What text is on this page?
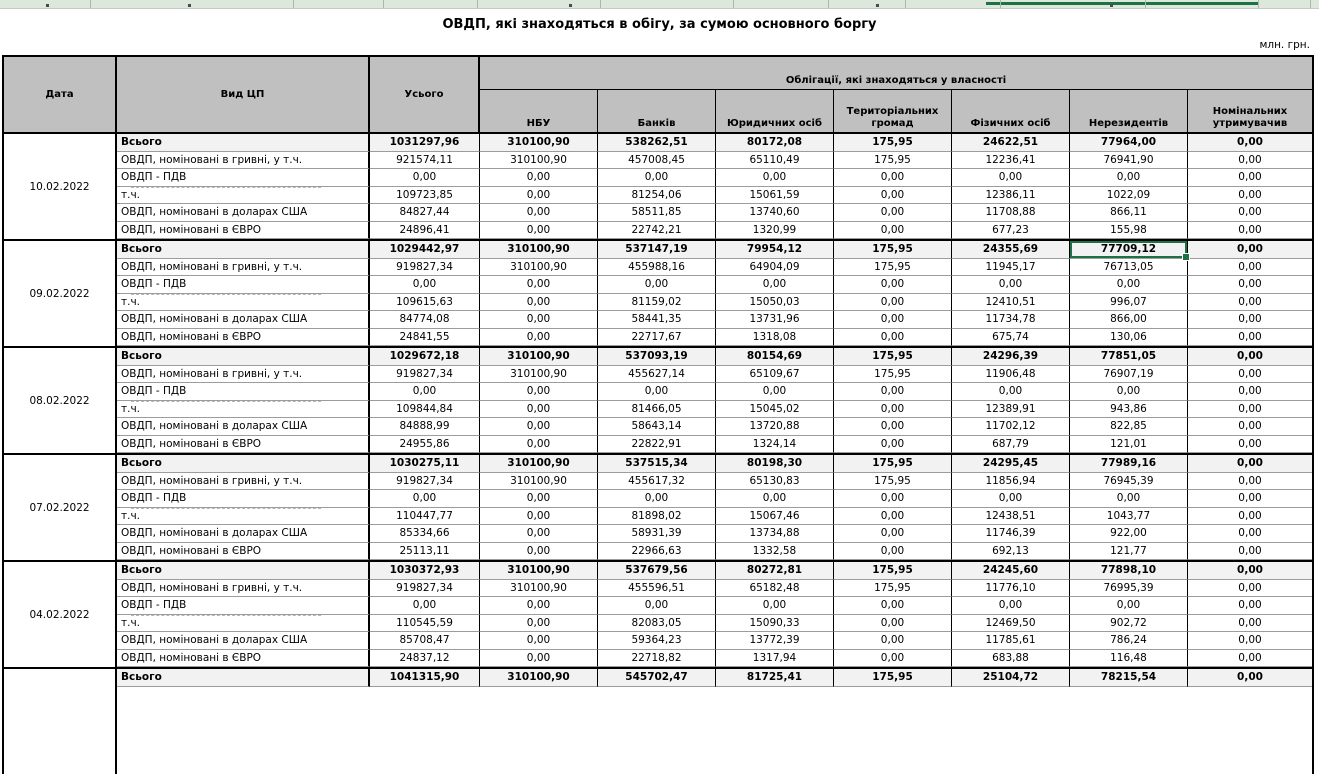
ОВДП, які знаходяться в обігу, за сумою основного боргу
млн. грн.
Дата	Вид ЦП	Усього
Облігації, які знаходяться у власності
НБУ	Банків	Юридичних осіб
Територіальних громад	Фізичних осіб	Нерезидентів
Номінальних утримувачив
10.02.2022
Всього	1031297,96	310100,90	538262,51	80172,08	175,95	24622,51	77964,00	0,00
ОВДП, номіновані в гривні, у т.ч.	921574,11	310100,90	457008,45	65110,49	175,95	12236,41	76941,90	0,00
ОВДП - ПДВ	0,00	0,00	0,00	0,00	0,00	0,00	0,00	0,00
т.ч.	109723,85	0,00	81254,06	15061,59	0,00	12386,11	1022,09	0,00
ОВДП, номіновані в доларах США	84827,44	0,00	58511,85	13740,60	0,00	11708,88	866,11	0,00
ОВДП, номіновані в ЄВРО	24896,41	0,00	22742,21	1320,99	0,00	677,23	155,98	0,00
09.02.2022
Всього	1029442,97	310100,90	537147,19	79954,12	175,95	24355,69	77709,12	0,00
ОВДП, номіновані в гривні, у т.ч.	919827,34	310100,90	455988,16	64904,09	175,95	11945,17	76713,05	0,00
ОВДП - ПДВ	0,00	0,00	0,00	0,00	0,00	0,00	0,00	0,00
т.ч.	109615,63	0,00	81159,02	15050,03	0,00	12410,51	996,07	0,00
ОВДП, номіновані в доларах США	84774,08	0,00	58441,35	13731,96	0,00	11734,78	866,00	0,00
ОВДП, номіновані в ЄВРО	24841,55	0,00	22717,67	1318,08	0,00	675,74	130,06	0,00
08.02.2022
Всього	1029672,18	310100,90	537093,19	80154,69	175,95	24296,39	77851,05	0,00
ОВДП, номіновані в гривні, у т.ч.	919827,34	310100,90	455627,14	65109,67	175,95	11906,48	76907,19	0,00
ОВДП - ПДВ	0,00	0,00	0,00	0,00	0,00	0,00	0,00	0,00
т.ч.	109844,84	0,00	81466,05	15045,02	0,00	12389,91	943,86	0,00
ОВДП, номіновані в доларах США	84888,99	0,00	58643,14	13720,88	0,00	11702,12	822,85	0,00
ОВДП, номіновані в ЄВРО	24955,86	0,00	22822,91	1324,14	0,00	687,79	121,01	0,00
07.02.2022
Всього	1030275,11	310100,90	537515,34	80198,30	175,95	24295,45	77989,16	0,00
ОВДП, номіновані в гривні, у т.ч.	919827,34	310100,90	455617,32	65130,83	175,95	11856,94	76945,39	0,00
ОВДП - ПДВ	0,00	0,00	0,00	0,00	0,00	0,00	0,00	0,00
т.ч.	110447,77	0,00	81898,02	15067,46	0,00	12438,51	1043,77	0,00
ОВДП, номіновані в доларах США	85334,66	0,00	58931,39	13734,88	0,00	11746,39	922,00	0,00
ОВДП, номіновані в ЄВРО	25113,11	0,00	22966,63	1332,58	0,00	692,13	121,77	0,00
04.02.2022
Всього	1030372,93	310100,90	537679,56	80272,81	175,95	24245,60	77898,10	0,00
ОВДП, номіновані в гривні, у т.ч.	919827,34	310100,90	455596,51	65182,48	175,95	11776,10	76995,39	0,00
ОВДП - ПДВ	0,00	0,00	0,00	0,00	0,00	0,00	0,00	0,00
т.ч.	110545,59	0,00	82083,05	15090,33	0,00	12469,50	902,72	0,00
ОВДП, номіновані в доларах США	85708,47	0,00	59364,23	13772,39	0,00	11785,61	786,24	0,00
ОВДП, номіновані в ЄВРО	24837,12	0,00	22718,82	1317,94	0,00	683,88	116,48	0,00
Всього	1041315,90	310100,90	545702,47	81725,41	175,95	25104,72	78215,54	0,00
